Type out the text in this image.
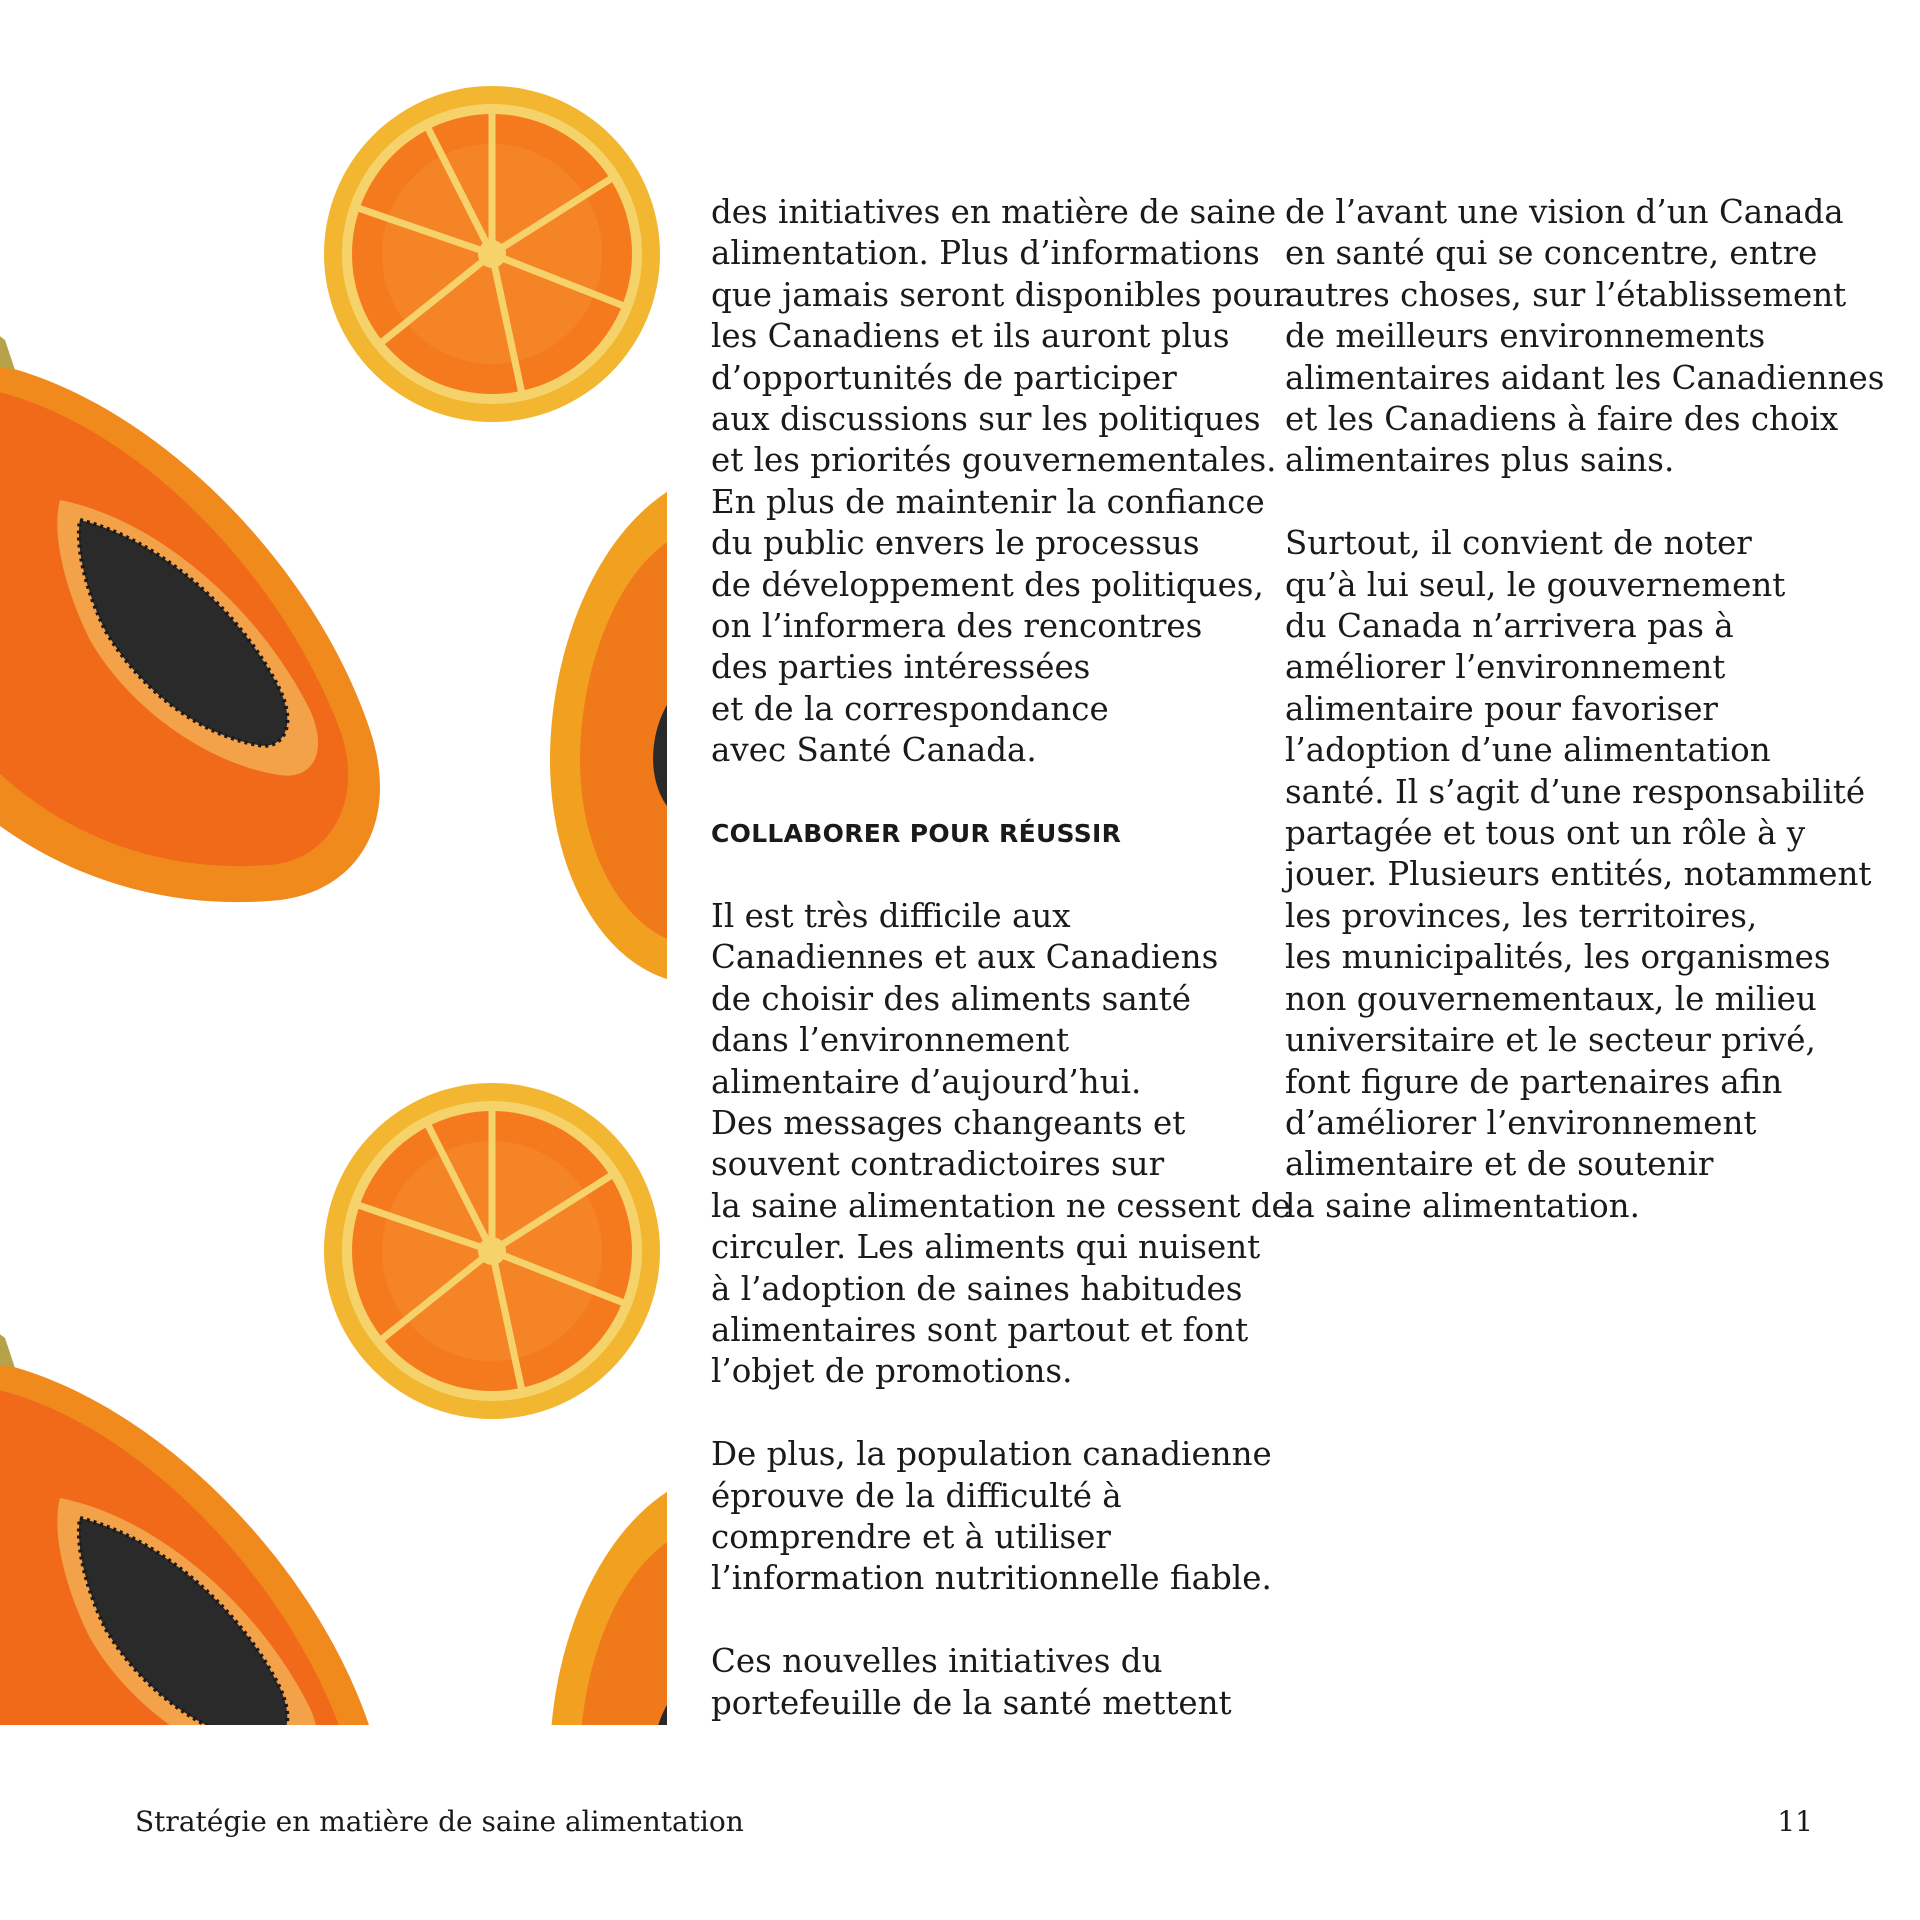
des initiatives en matière de saine
alimentation. Plus d’informations
que jamais seront disponibles pour
les Canadiens et ils auront plus
d’opportunités de participer
aux discussions sur les politiques
et les priorités gouvernementales.
En plus de maintenir la confiance
du public envers le processus
de développement des politiques,
on l’informera des rencontres
des parties intéressées
et de la correspondance
avec Santé Canada.

COLLABORER POUR RÉUSSIR

Il est très difficile aux
Canadiennes et aux Canadiens
de choisir des aliments santé
dans l’environnement
alimentaire d’aujourd’hui.
Des messages changeants et
souvent contradictoires sur
la saine alimentation ne cessent de
circuler. Les aliments qui nuisent
à l’adoption de saines habitudes
alimentaires sont partout et font
l’objet de promotions.

De plus, la population canadienne
éprouve de la difficulté à
comprendre et à utiliser
l’information nutritionnelle fiable.

Ces nouvelles initiatives du
portefeuille de la santé mettent

de l’avant une vision d’un Canada
en santé qui se concentre, entre
autres choses, sur l’établissement
de meilleurs environnements
alimentaires aidant les Canadiennes
et les Canadiens à faire des choix
alimentaires plus sains.

Surtout, il convient de noter
qu’à lui seul, le gouvernement
du Canada n’arrivera pas à
améliorer l’environnement
alimentaire pour favoriser
l’adoption d’une alimentation
santé. Il s’agit d’une responsabilité
partagée et tous ont un rôle à y
jouer. Plusieurs entités, notamment
les provinces, les territoires,
les municipalités, les organismes
non gouvernementaux, le milieu
universitaire et le secteur privé,
font figure de partenaires afin
d’améliorer l’environnement
alimentaire et de soutenir
la saine alimentation.

Stratégie en matière de saine alimentation	11
